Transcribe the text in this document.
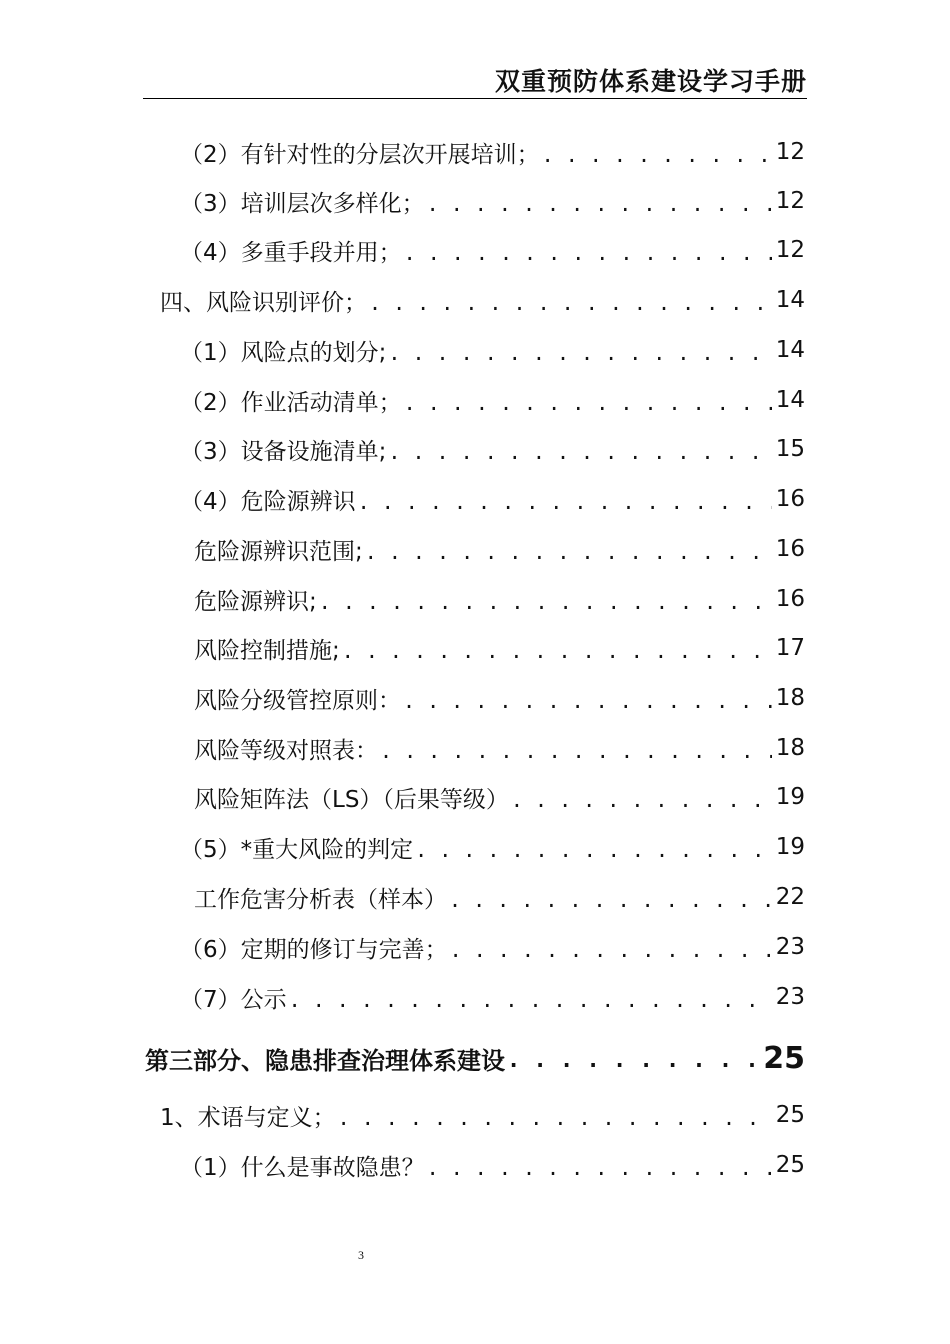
双重预防体系建设学习手册
（2）有针对性的分层次开展培训； . . .	12
（3）培训层次多样化； . . .	12
（4）多重手段并用； . . .	12
四、风险识别评价； . . .	14
（1）风险点的划分; . . .	14
（2）作业活动清单； . . .	14
（3）设备设施清单; . . .	15
（4）危险源辨识 . . .	16
危险源辨识范围; . . .	16
危险源辨识; . . .	16
风险控制措施; . . .	17
风险分级管控原则： . . .	18
风险等级对照表： . . .	18
风险矩阵法（LS）（后果等级） . . .	19
（5）*重大风险的判定 . . .	19
工作危害分析表（样本） . . .	22
（6）定期的修订与完善； . . .	23
（7）公示 . . .	23
第三部分、隐患排查治理体系建设 . . .	25
1、术语与定义； . . .	25
（1）什么是事故隐患？ . . .	25
3
